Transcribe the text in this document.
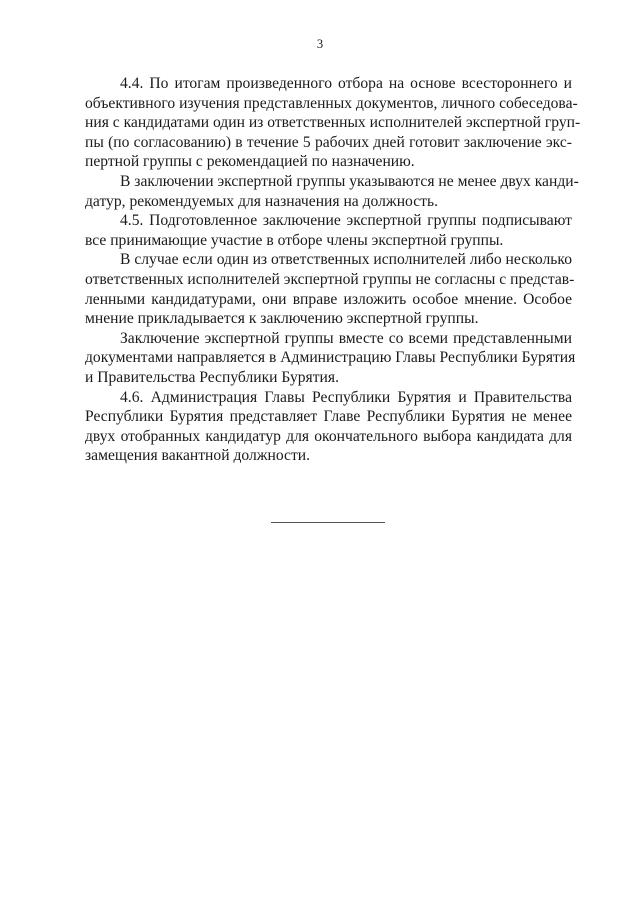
3
4.4. По итогам произведенного отбора на основе всестороннего и
объективного изучения представленных документов, личного собеседова-
ния с кандидатами один из ответственных исполнителей экспертной груп-
пы (по согласованию) в течение 5 рабочих дней готовит заключение экс-
пертной группы с рекомендацией по назначению.
В заключении экспертной группы указываются не менее двух канди-
датур, рекомендуемых для назначения на должность.
4.5. Подготовленное заключение экспертной группы подписывают
все принимающие участие в отборе члены экспертной группы.
В случае если один из ответственных исполнителей либо несколько
ответственных исполнителей экспертной группы не согласны с представ-
ленными кандидатурами, они вправе изложить особое мнение. Особое
мнение прикладывается к заключению экспертной группы.
Заключение экспертной группы вместе со всеми представленными
документами направляется в Администрацию Главы Республики Бурятия
и Правительства Республики Бурятия.
4.6. Администрация Главы Республики Бурятия и Правительства
Республики Бурятия представляет Главе Республики Бурятия не менее
двух отобранных кандидатур для окончательного выбора кандидата для
замещения вакантной должности.
